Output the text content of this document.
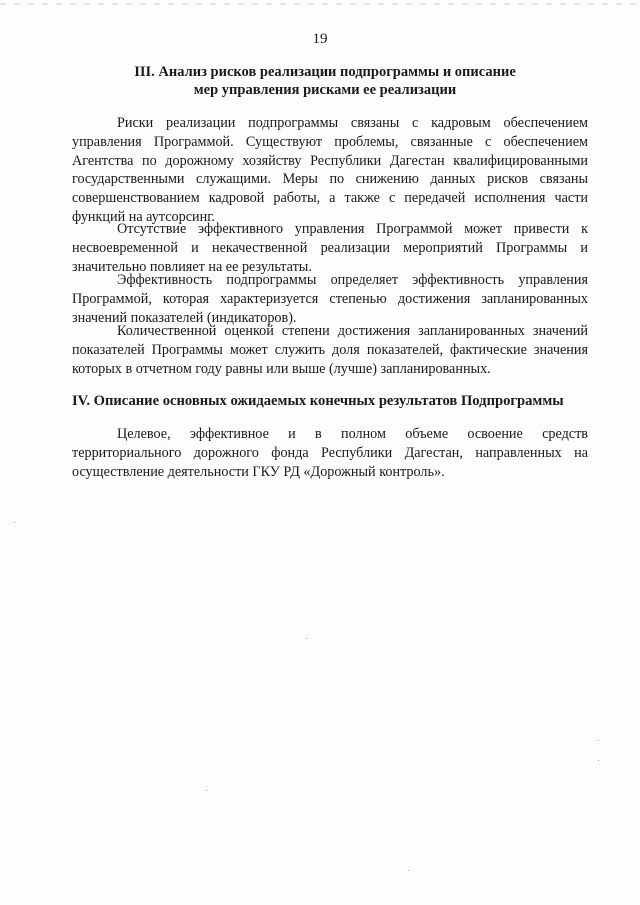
19
III. Анализ рисков реализации подпрограммы и описание
мер управления рисками ее реализации
Риски реализации подпрограммы связаны с кадровым обеспечением управления Программой. Существуют проблемы, связанные с обеспечением Агентства по дорожному хозяйству Республики Дагестан квалифицированными государственными служащими. Меры по снижению данных рисков связаны совершенствованием кадровой работы, а также с передачей исполнения части функций на аутсорсинг.
Отсутствие эффективного управления Программой может привести к несвоевременной и некачественной реализации мероприятий Программы и значительно повлияет на ее результаты.
Эффективность подпрограммы определяет эффективность управления Программой, которая характеризуется степенью достижения запланированных значений показателей (индикаторов).
Количественной оценкой степени достижения запланированных значений показателей Программы может служить доля показателей, фактические значения которых в отчетном году равны или выше (лучше) запланированных.
IV. Описание основных ожидаемых конечных результатов Подпрограммы
Целевое, эффективное и в полном объеме освоение средств территориального дорожного фонда Республики Дагестан, направленных на осуществление деятельности ГКУ РД «Дорожный контроль».
